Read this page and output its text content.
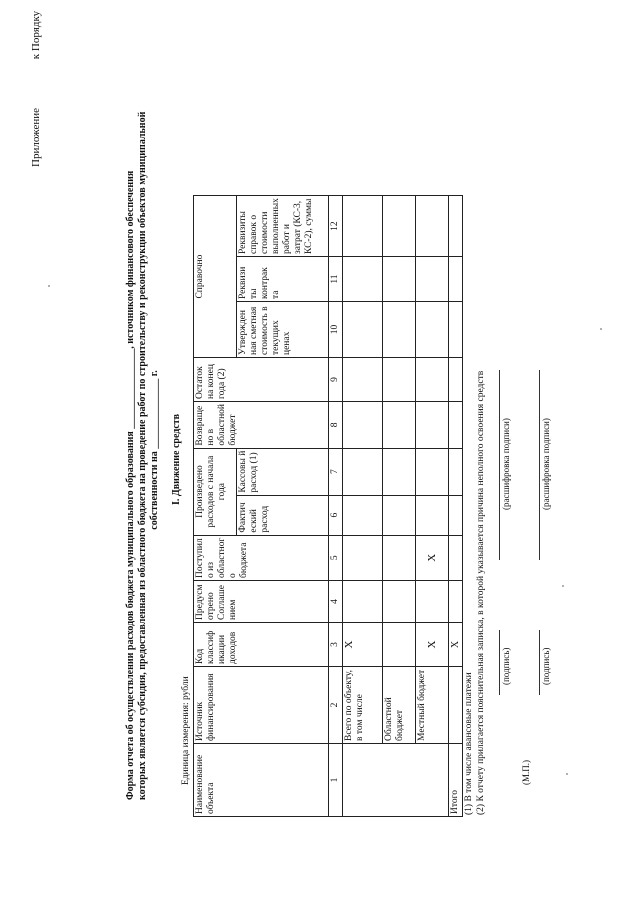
Приложение к Порядку
Форма отчета об осуществлении расходов бюджета муниципального образования ________________, источником финансового обеспечения которых является субсидия, предоставленная из областного бюджета на проведение работ по строительству и реконструкции объектов муниципальной собственности на ______________ г. I. Движение средств
Единица измерения: рубли Наименование объекта	Источник финансирования	Код классиф икации доходов	Предусм отрено Соглаше нием	Поступил о из областног о бюджета	Произведено расходов с начала года		Возвраще но в областной бюджет	Остаток на конец года (2)	Справочно		
					Фактич еский расход	Кассовы й расход (1)			Утвержден ная сметная стоимость в текущих ценах	Реквизи ты контрак та	Реквизиты справок о стоимости выполненных работ и затрат (КС-3, КС-2), суммы
1	2	3	4	5	6	7	8	9	10	11	12
	Всего по объекту, в том числе	X									
	Областной бюджет										
	Местный бюджет	X		X							
Итого		X									
(1) В том числе авансовые платежи (2) К отчету прилагается пояснительная записка, в которой указывается причина неполного освоения средств (подпись)
(расшифровка подписи)
(М.П.)
(подпись)
(расшифровка подписи)
